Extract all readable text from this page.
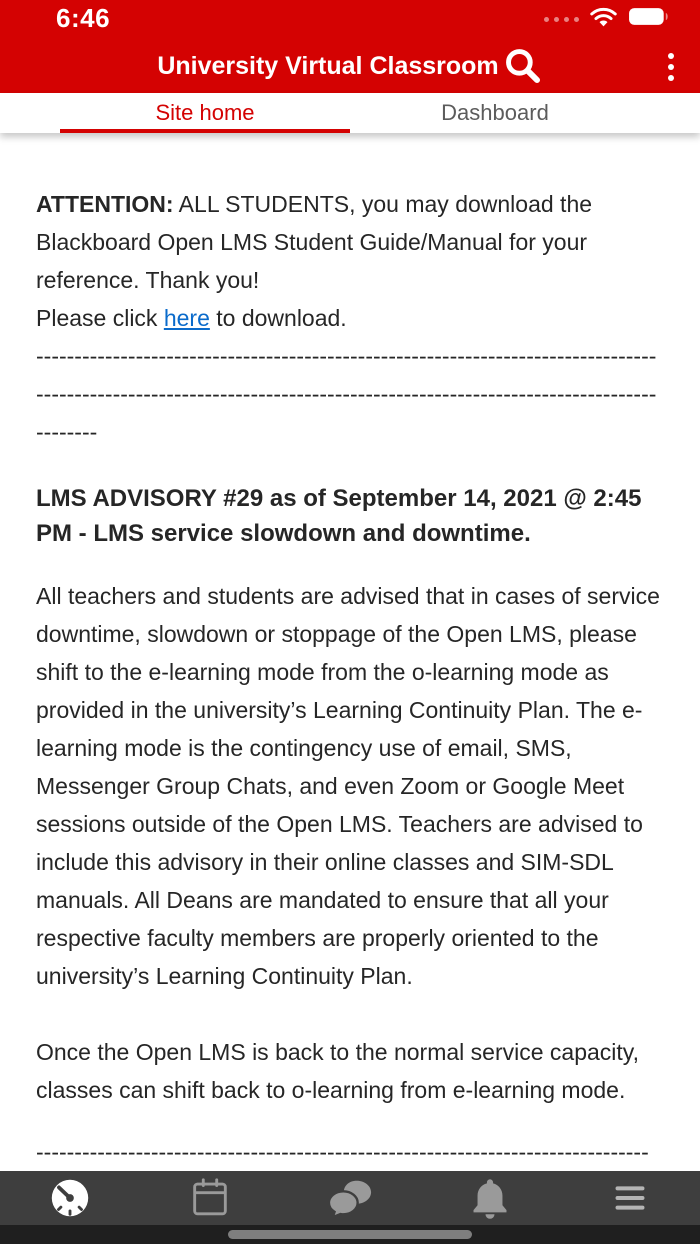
6:46
University Virtual Classroom
Site home	Dashboard
ATTENTION: ALL STUDENTS, you may download the Blackboard Open LMS Student Guide/Manual for your reference. Thank you!
Please click here to download.
--------------------------------------------------------------------------------------------------------------------------------------------------------------------------
LMS ADVISORY #29 as of September 14, 2021 @ 2:45 PM - LMS service slowdown and downtime.

All teachers and students are advised that in cases of service downtime, slowdown or stoppage of the Open LMS, please shift to the e-learning mode from the o-learning mode as provided in the university’s Learning Continuity Plan. The e-learning mode is the contingency use of email, SMS, Messenger Group Chats, and even Zoom or Google Meet sessions outside of the Open LMS. Teachers are advised to include this advisory in their online classes and SIM-SDL manuals. All Deans are mandated to ensure that all your respective faculty members are properly oriented to the university’s Learning Continuity Plan.

Once the Open LMS is back to the normal service capacity, classes can shift back to o-learning from e-learning mode.

--------------------------------------------------------------------------------
